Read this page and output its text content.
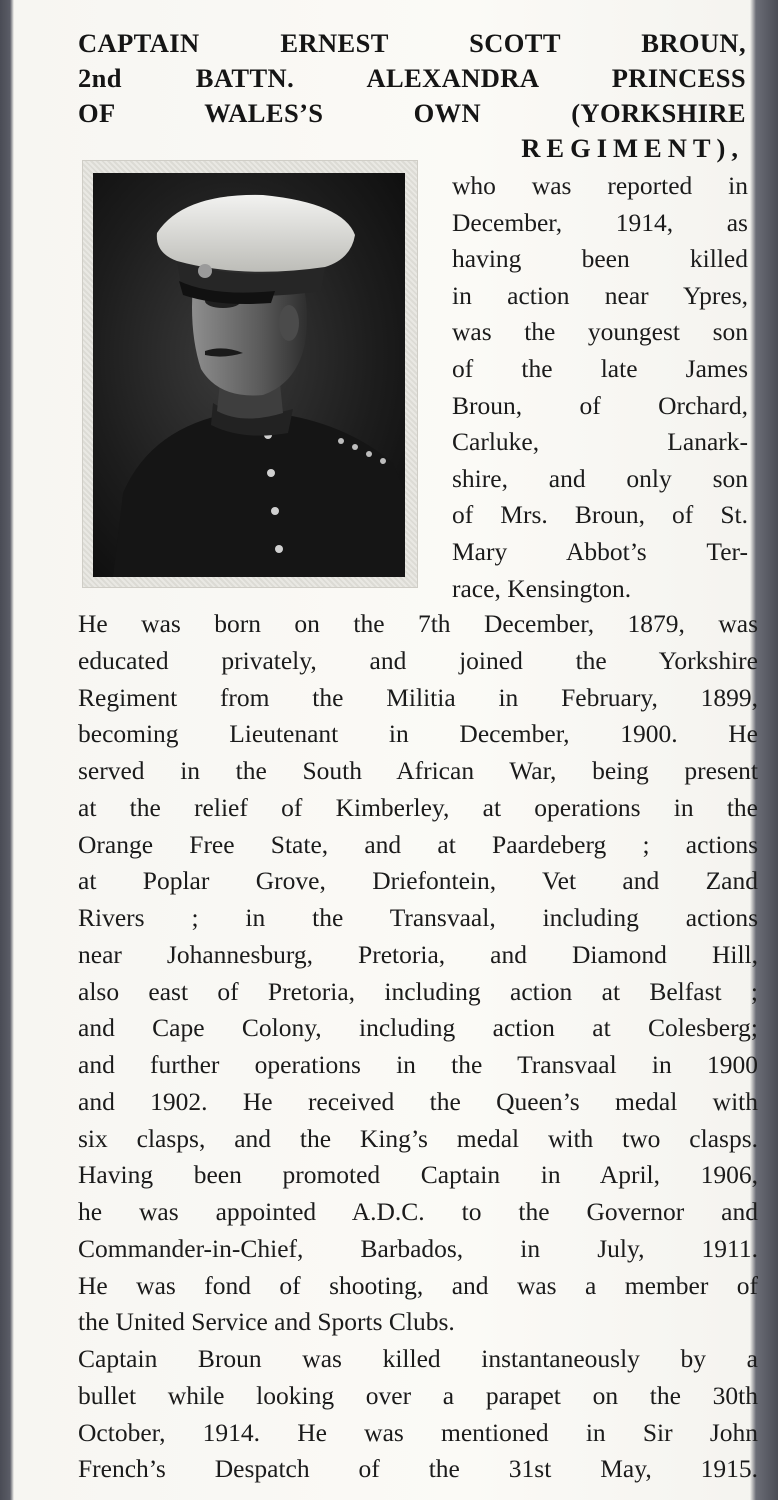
CAPTAIN ERNEST SCOTT BROUN,
2nd BATTN. ALEXANDRA PRINCESS
OF WALES’S OWN (YORKSHIRE
REGIMENT),
who was reported in
December, 1914, as
having been killed
in action near Ypres,
was the youngest son
of the late James
Broun, of Orchard,
Carluke, Lanark-
shire, and only son
of Mrs. Broun, of St.
Mary Abbot’s Ter-
race, Kensington.
He was born on the 7th December, 1879, was
educated privately, and joined the Yorkshire
Regiment from the Militia in February, 1899,
becoming Lieutenant in December, 1900. He
served in the South African War, being present
at the relief of Kimberley, at operations in the
Orange Free State, and at Paardeberg ; actions
at Poplar Grove, Driefontein, Vet and Zand
Rivers ; in the Transvaal, including actions
near Johannesburg, Pretoria, and Diamond Hill,
also east of Pretoria, including action at Belfast ;
and Cape Colony, including action at Colesberg;
and further operations in the Transvaal in 1900
and 1902. He received the Queen’s medal with
six clasps, and the King’s medal with two clasps.
Having been promoted Captain in April, 1906,
he was appointed A.D.C. to the Governor and
Commander-in-Chief, Barbados, in July, 1911.
He was fond of shooting, and was a member of
the United Service and Sports Clubs.
Captain Broun was killed instantaneously by a
bullet while looking over a parapet on the 30th
October, 1914. He was mentioned in Sir John
French’s Despatch of the 31st May, 1915.
